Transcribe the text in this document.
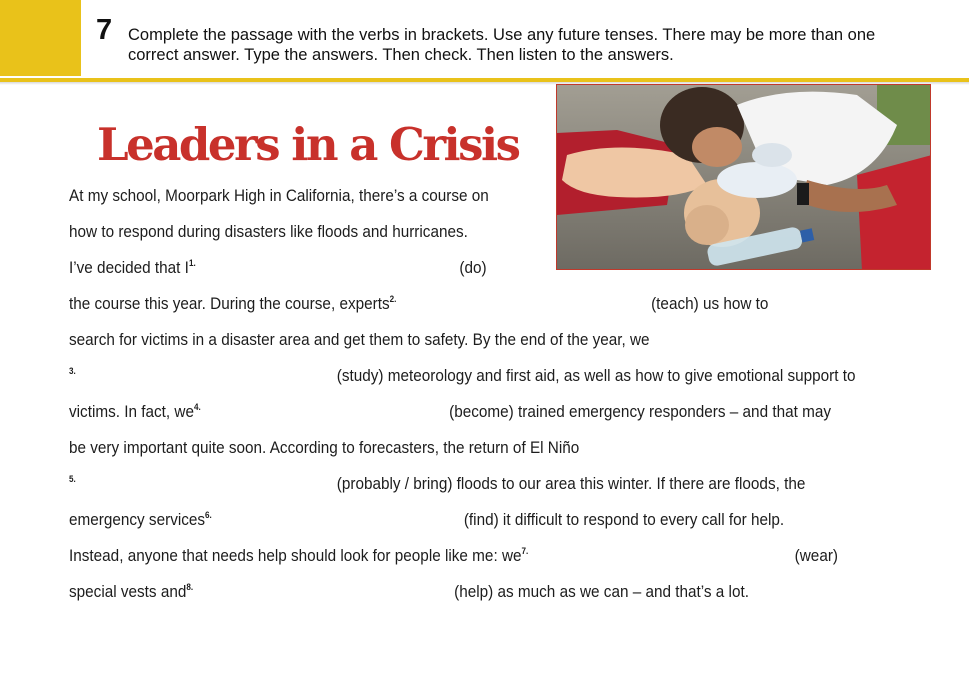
7 Complete the passage with the verbs in brackets. Use any future tenses. There may be more than one correct answer. Type the answers. Then check. Then listen to the answers.
Leaders in a Crisis
At my school, Moorpark High in California, there’s a course on
how to respond during disasters like floods and hurricanes.
I’ve decided that $I^{1.}$	(do)
the course this year. During the course, experts$^{2.}$	(teach) us how to
search for victims in a disaster area and get them to safety. By the end of the year, we
$^{3.}$	(study) meteorology and first aid, as well as how to give emotional support to
victims. In fact, $we^{4.}$	(become) trained emergency responders – and that may
be very important quite soon. According to forecasters, the return of El Niño
$^{5.}$	(probably / bring) floods to our area this winter. If there are floods, the
emergency services$^{6.}$	(find) it difficult to respond to every call for help.
Instead, anyone that needs help should look for people like me: $we^{7.}$	(wear)
special vests and$^{8.}$	(help) as much as we can – and that’s a lot.
